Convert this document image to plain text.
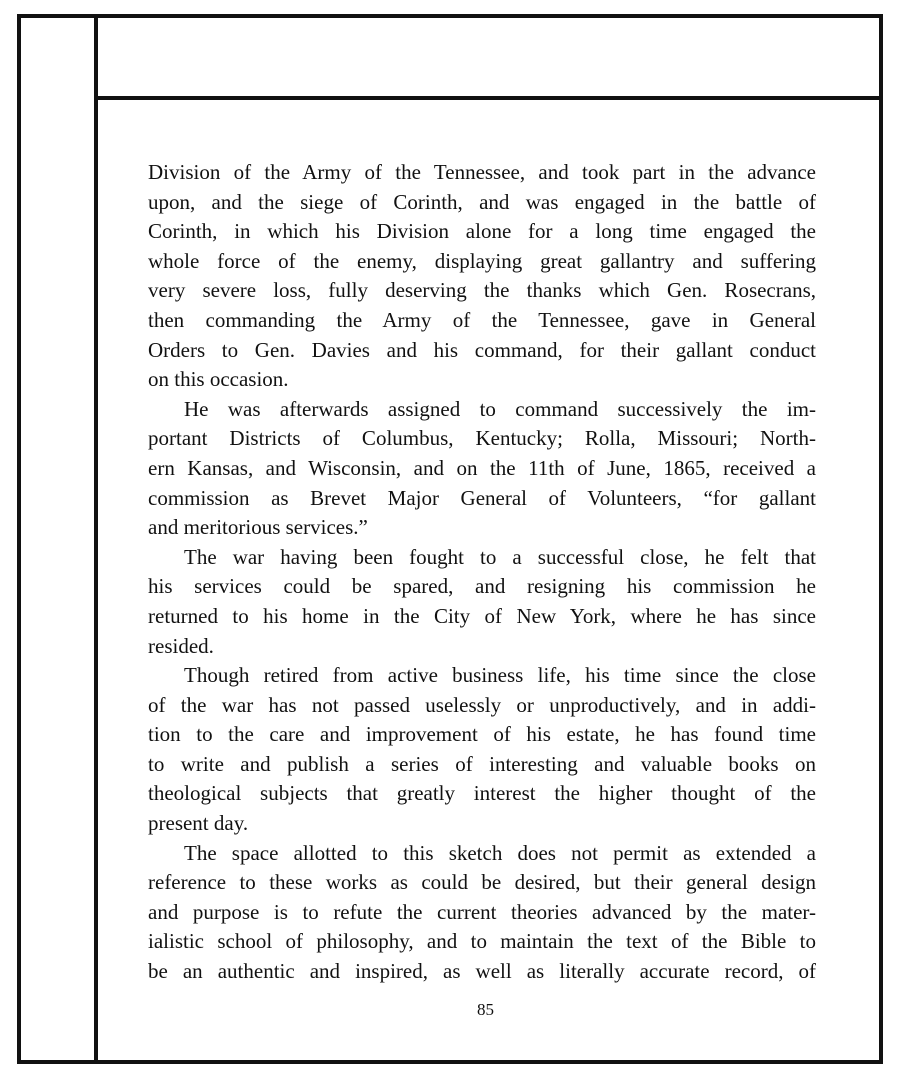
Division of the Army of the Tennessee, and took part in the advance
upon, and the siege of Corinth, and was engaged in the battle of
Corinth, in which his Division alone for a long time engaged the
whole force of the enemy, displaying great gallantry and suffering
very severe loss, fully deserving the thanks which Gen. Rosecrans,
then commanding the Army of the Tennessee, gave in General
Orders to Gen. Davies and his command, for their gallant conduct
on this occasion.
He was afterwards assigned to command successively the im-
portant Districts of Columbus, Kentucky; Rolla, Missouri; North-
ern Kansas, and Wisconsin, and on the 11th of June, 1865, received a
commission as Brevet Major General of Volunteers, “for gallant
and meritorious services.”
The war having been fought to a successful close, he felt that
his services could be spared, and resigning his commission he
returned to his home in the City of New York, where he has since
resided.
Though retired from active business life, his time since the close
of the war has not passed uselessly or unproductively, and in addi-
tion to the care and improvement of his estate, he has found time
to write and publish a series of interesting and valuable books on
theological subjects that greatly interest the higher thought of the
present day.
The space allotted to this sketch does not permit as extended a
reference to these works as could be desired, but their general design
and purpose is to refute the current theories advanced by the mater-
ialistic school of philosophy, and to maintain the text of the Bible to
be an authentic and inspired, as well as literally accurate record, of
85
